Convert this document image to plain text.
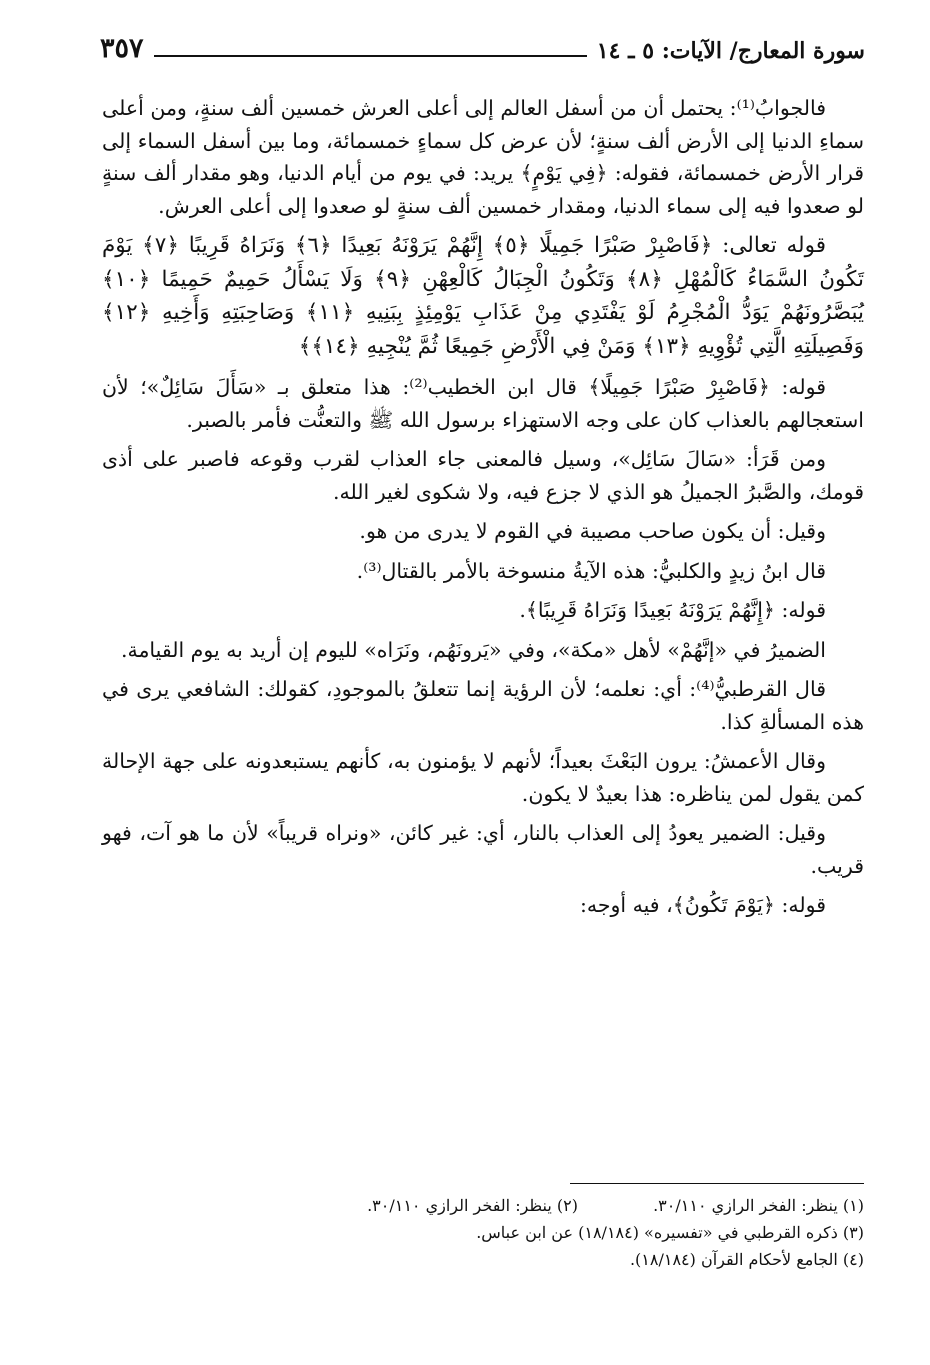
سورة المعارج/ الآيات: ٥ ـ ١٤
٣٥٧

فالجوابُ⁽¹⁾: يحتمل أن من أسفل العالم إلى أعلى العرش خمسين ألف سنةٍ، ومن أعلى سماءِ الدنيا إلى الأرض ألف سنةٍ؛ لأن عرض كل سماءٍ خمسمائة، وما بين أسفل السماء إلى قرار الأرض خمسمائة، فقوله: ﴿فِي يَوْمٍ﴾ يريد: في يوم من أيام الدنيا، وهو مقدار ألف سنةٍ لو صعدوا فيه إلى سماء الدنيا، ومقدار خمسين ألف سنةٍ لو صعدوا إلى أعلى العرش.

قوله تعالى: ﴿فَاصْبِرْ صَبْرًا جَمِيلًا ﴿٥﴾ إِنَّهُمْ يَرَوْنَهُ بَعِيدًا ﴿٦﴾ وَنَرَاهُ قَرِيبًا ﴿٧﴾ يَوْمَ تَكُونُ السَّمَاءُ كَالْمُهْلِ ﴿٨﴾ وَتَكُونُ الْجِبَالُ كَالْعِهْنِ ﴿٩﴾ وَلَا يَسْأَلُ حَمِيمٌ حَمِيمًا ﴿١٠﴾ يُبَصَّرُونَهُمْ يَوَدُّ الْمُجْرِمُ لَوْ يَفْتَدِي مِنْ عَذَابِ يَوْمِئِذٍ بِبَنِيهِ ﴿١١﴾ وَصَاحِبَتِهِ وَأَخِيهِ ﴿١٢﴾ وَفَصِيلَتِهِ الَّتِي تُؤْوِيهِ ﴿١٣﴾ وَمَنْ فِي الْأَرْضِ جَمِيعًا ثُمَّ يُنْجِيهِ ﴿١٤﴾﴾

قوله: ﴿فَاصْبِرْ صَبْرًا جَمِيلًا﴾ قال ابن الخطيب⁽²⁾: هذا متعلق بـ «سَأَلَ سَائِلٌ»؛ لأن استعجالهم بالعذاب كان على وجه الاستهزاء برسول الله ﷺ والتعنُّت فأمر بالصبر.

ومن قَرَأ: «سَالَ سَائِل»، وسيل فالمعنى جاء العذاب لقرب وقوعه فاصبر على أذى قومك، والصَّبرُ الجميلُ هو الذي لا جزع فيه، ولا شكوى لغير الله.

وقيل: أن يكون صاحب مصيبة في القوم لا يدرى من هو.

قال ابنُ زيدٍ والكلبيُّ: هذه الآيةُ منسوخة بالأمر بالقتال⁽³⁾.

قوله: ﴿إِنَّهُمْ يَرَوْنَهُ بَعِيدًا وَنَرَاهُ قَرِيبًا﴾.

الضميرُ في «إنَّهُمْ» لأهل «مكة»، وفي «يَرونَهُم، ونَرَاه» لليوم إن أريد به يوم القيامة.

قال القرطبيُّ⁽⁴⁾: أي: نعلمه؛ لأن الرؤية إنما تتعلقُ بالموجودِ، كقولك: الشافعي يرى في هذه المسألةِ كذا.

وقال الأعمشُ: يرون البَعْثَ بعيداً؛ لأنهم لا يؤمنون به، كأنهم يستبعدونه على جهة الإحالة كمن يقول لمن يناظره: هذا بعيدٌ لا يكون.

وقيل: الضمير يعودُ إلى العذاب بالنار، أي: غير كائن، «ونراه قريباً» لأن ما هو آت، فهو قريب.

قوله: ﴿يَوْمَ تَكُونُ﴾، فيه أوجه:

(١) ينظر: الفخر الرازي ٣٠/١١٠. (٢) ينظر: الفخر الرازي ٣٠/١١٠.
(٣) ذكره القرطبي في «تفسيره» (١٨/١٨٤) عن ابن عباس.
(٤) الجامع لأحكام القرآن (١٨/١٨٤).
